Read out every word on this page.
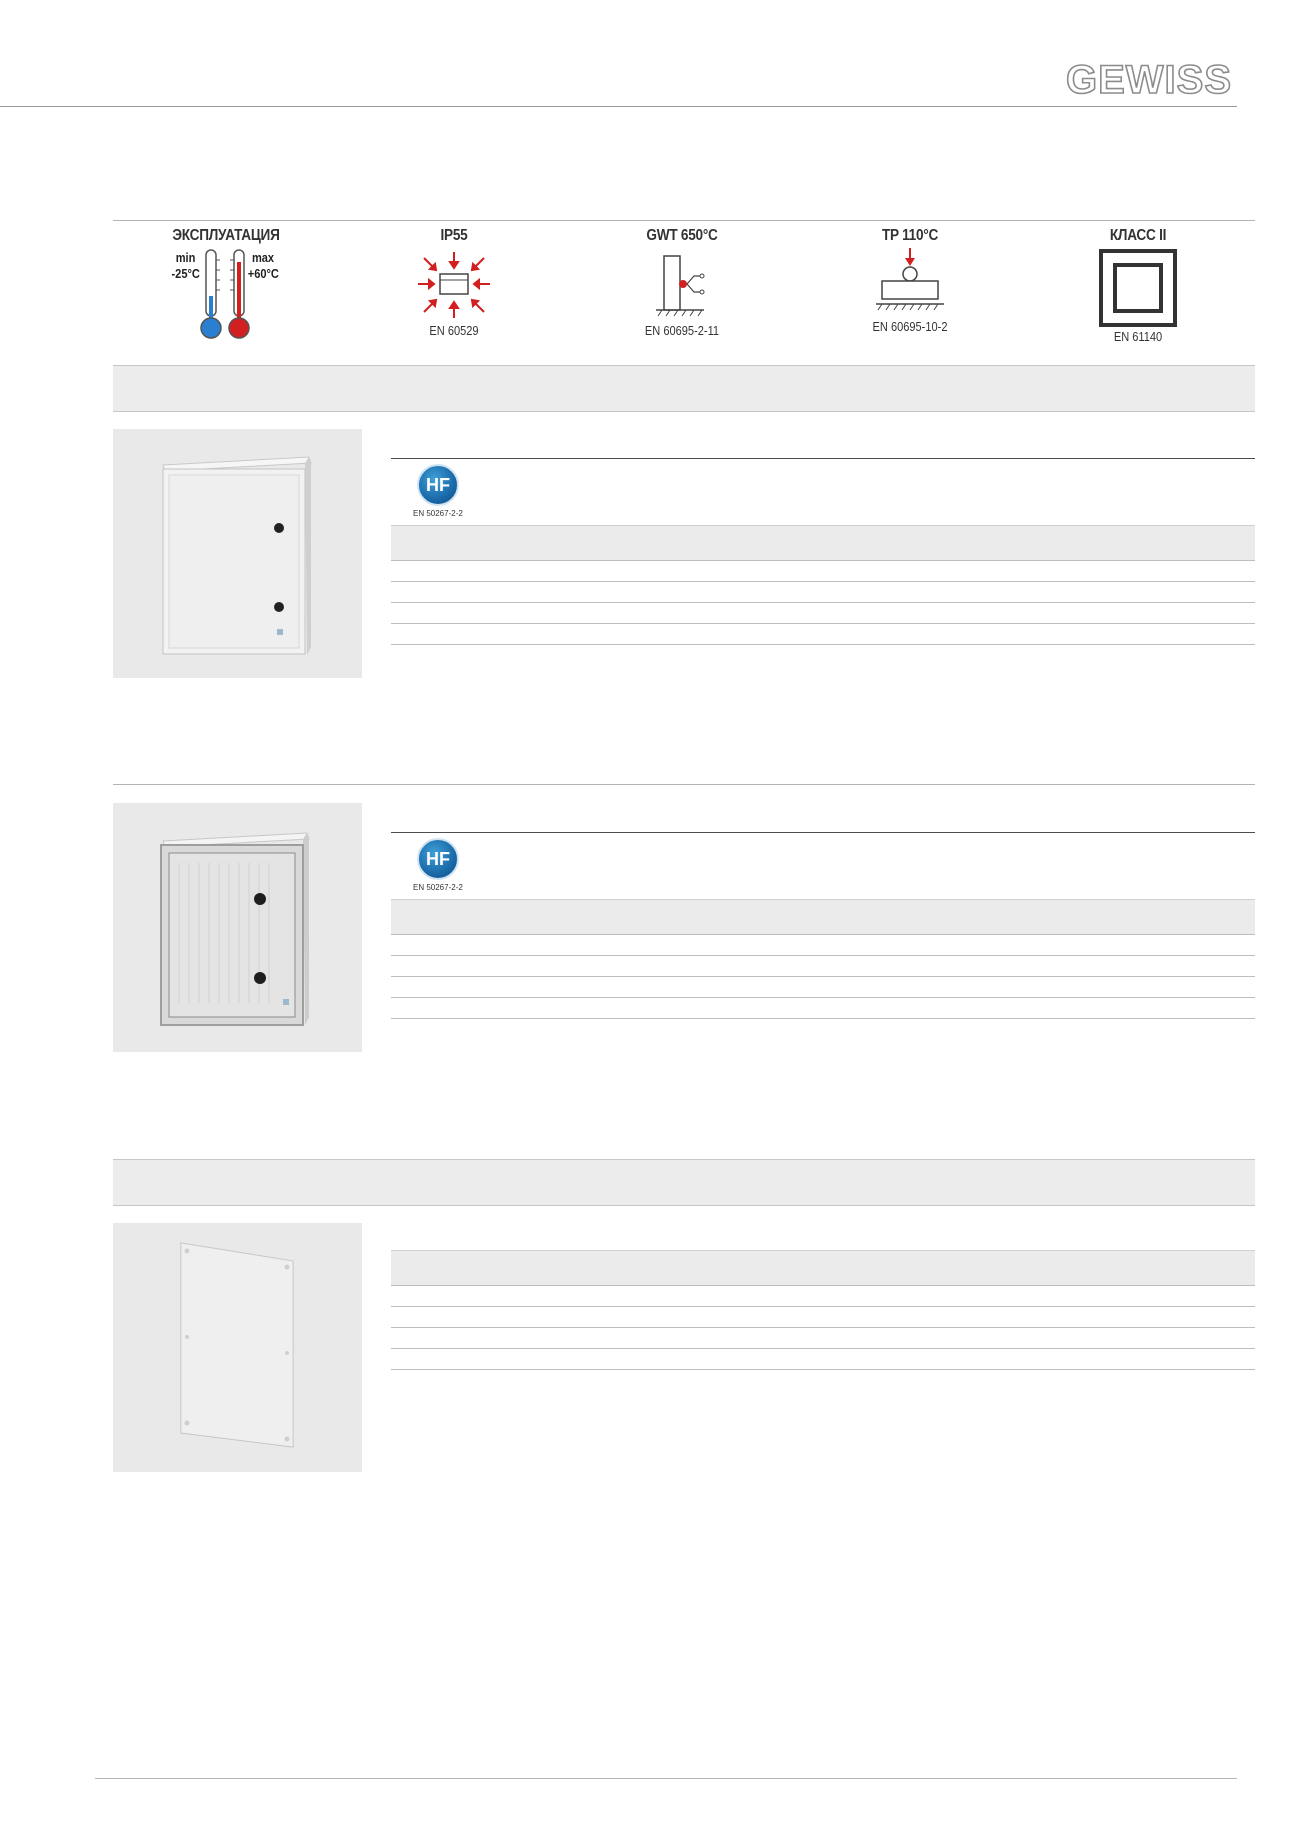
GEWISS
ЭКСПЛУАТАЦИЯ
min
-25°C
max
+60°C
IP55
EN 60529
GWT 650°C
EN 60695-2-11
TP 110°C
EN 60695-10-2
КЛАСС II
EN 61140
HF
EN 50267-2-2
HF
EN 50267-2-2
